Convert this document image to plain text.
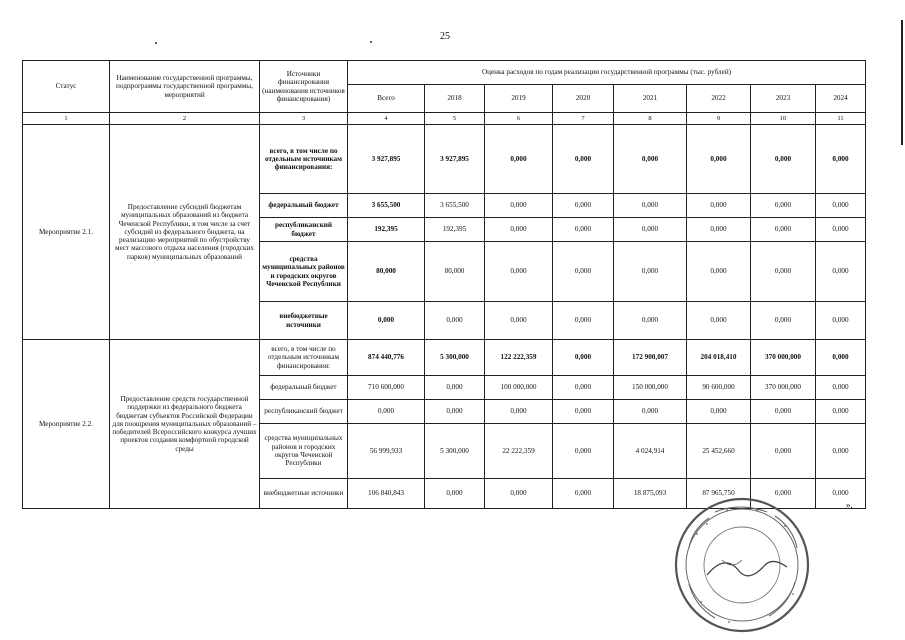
25
Статус	Наименование государственной программы, подпрограммы государственной программы, мероприятий	Источники финансирования (наименования источников финансирования)	Оценка расходов по годам реализации государственной программы (тыс. рублей)							
			Всего	2018	2019	2020	2021	2022	2023	2024
1	2	3	4	5	6	7	8	9	10	11
Мероприятие 2.1.	Предоставление субсидий бюджетам муниципальных образований из бюджета Чеченской Республики, в том числе за счет субсидий из федерального бюджета, на реализацию мероприятий по обустройству мест массового отдыха населения (городских парков) муниципальных образований	всего, в том числе по отдельным источникам финансирования:	3 927,895	3 927,895	0,000	0,000	0,000	0,000	0,000	0,000
		федеральный бюджет	3 655,500	3 655,500	0,000	0,000	0,000	0,000	0,000	0,000
		республиканский бюджет	192,395	192,395	0,000	0,000	0,000	0,000	0,000	0,000
		средства муниципальных районов и городских округов Чеченской Республики	80,000	80,000	0,000	0,000	0,000	0,000	0,000	0,000
		внебюджетные источники	0,000	0,000	0,000	0,000	0,000	0,000	0,000	0,000
Мероприятие 2.2.	Предоставление средств государственной поддержки из федерального бюджета бюджетам субъектов Российской Федерации для поощрения муниципальных образований – победителей Всероссийского конкурса лучших проектов создания комфортной городской среды	всего, в том числе по отдельным источникам финансирования:	874 440,776	5 300,000	122 222,359	0,000	172 900,007	204 018,410	370 000,000	0,000
		федеральный бюджет	710 600,000	0,000	100 000,000	0,000	150 000,000	90 600,000	370 000,000	0,000
		республиканский бюджет	0,000	0,000	0,000	0,000	0,000	0,000	0,000	0,000
		средства муниципальных районов и городских округов Чеченской Республики	56 999,933	5 300,000	22 222,359	0,000	4 024,914	25 452,660	0,000	0,000
		внебюджетные источники	106 840,843	0,000	0,000	0,000	18 875,093	87 965,750	0,000	0,000
».
